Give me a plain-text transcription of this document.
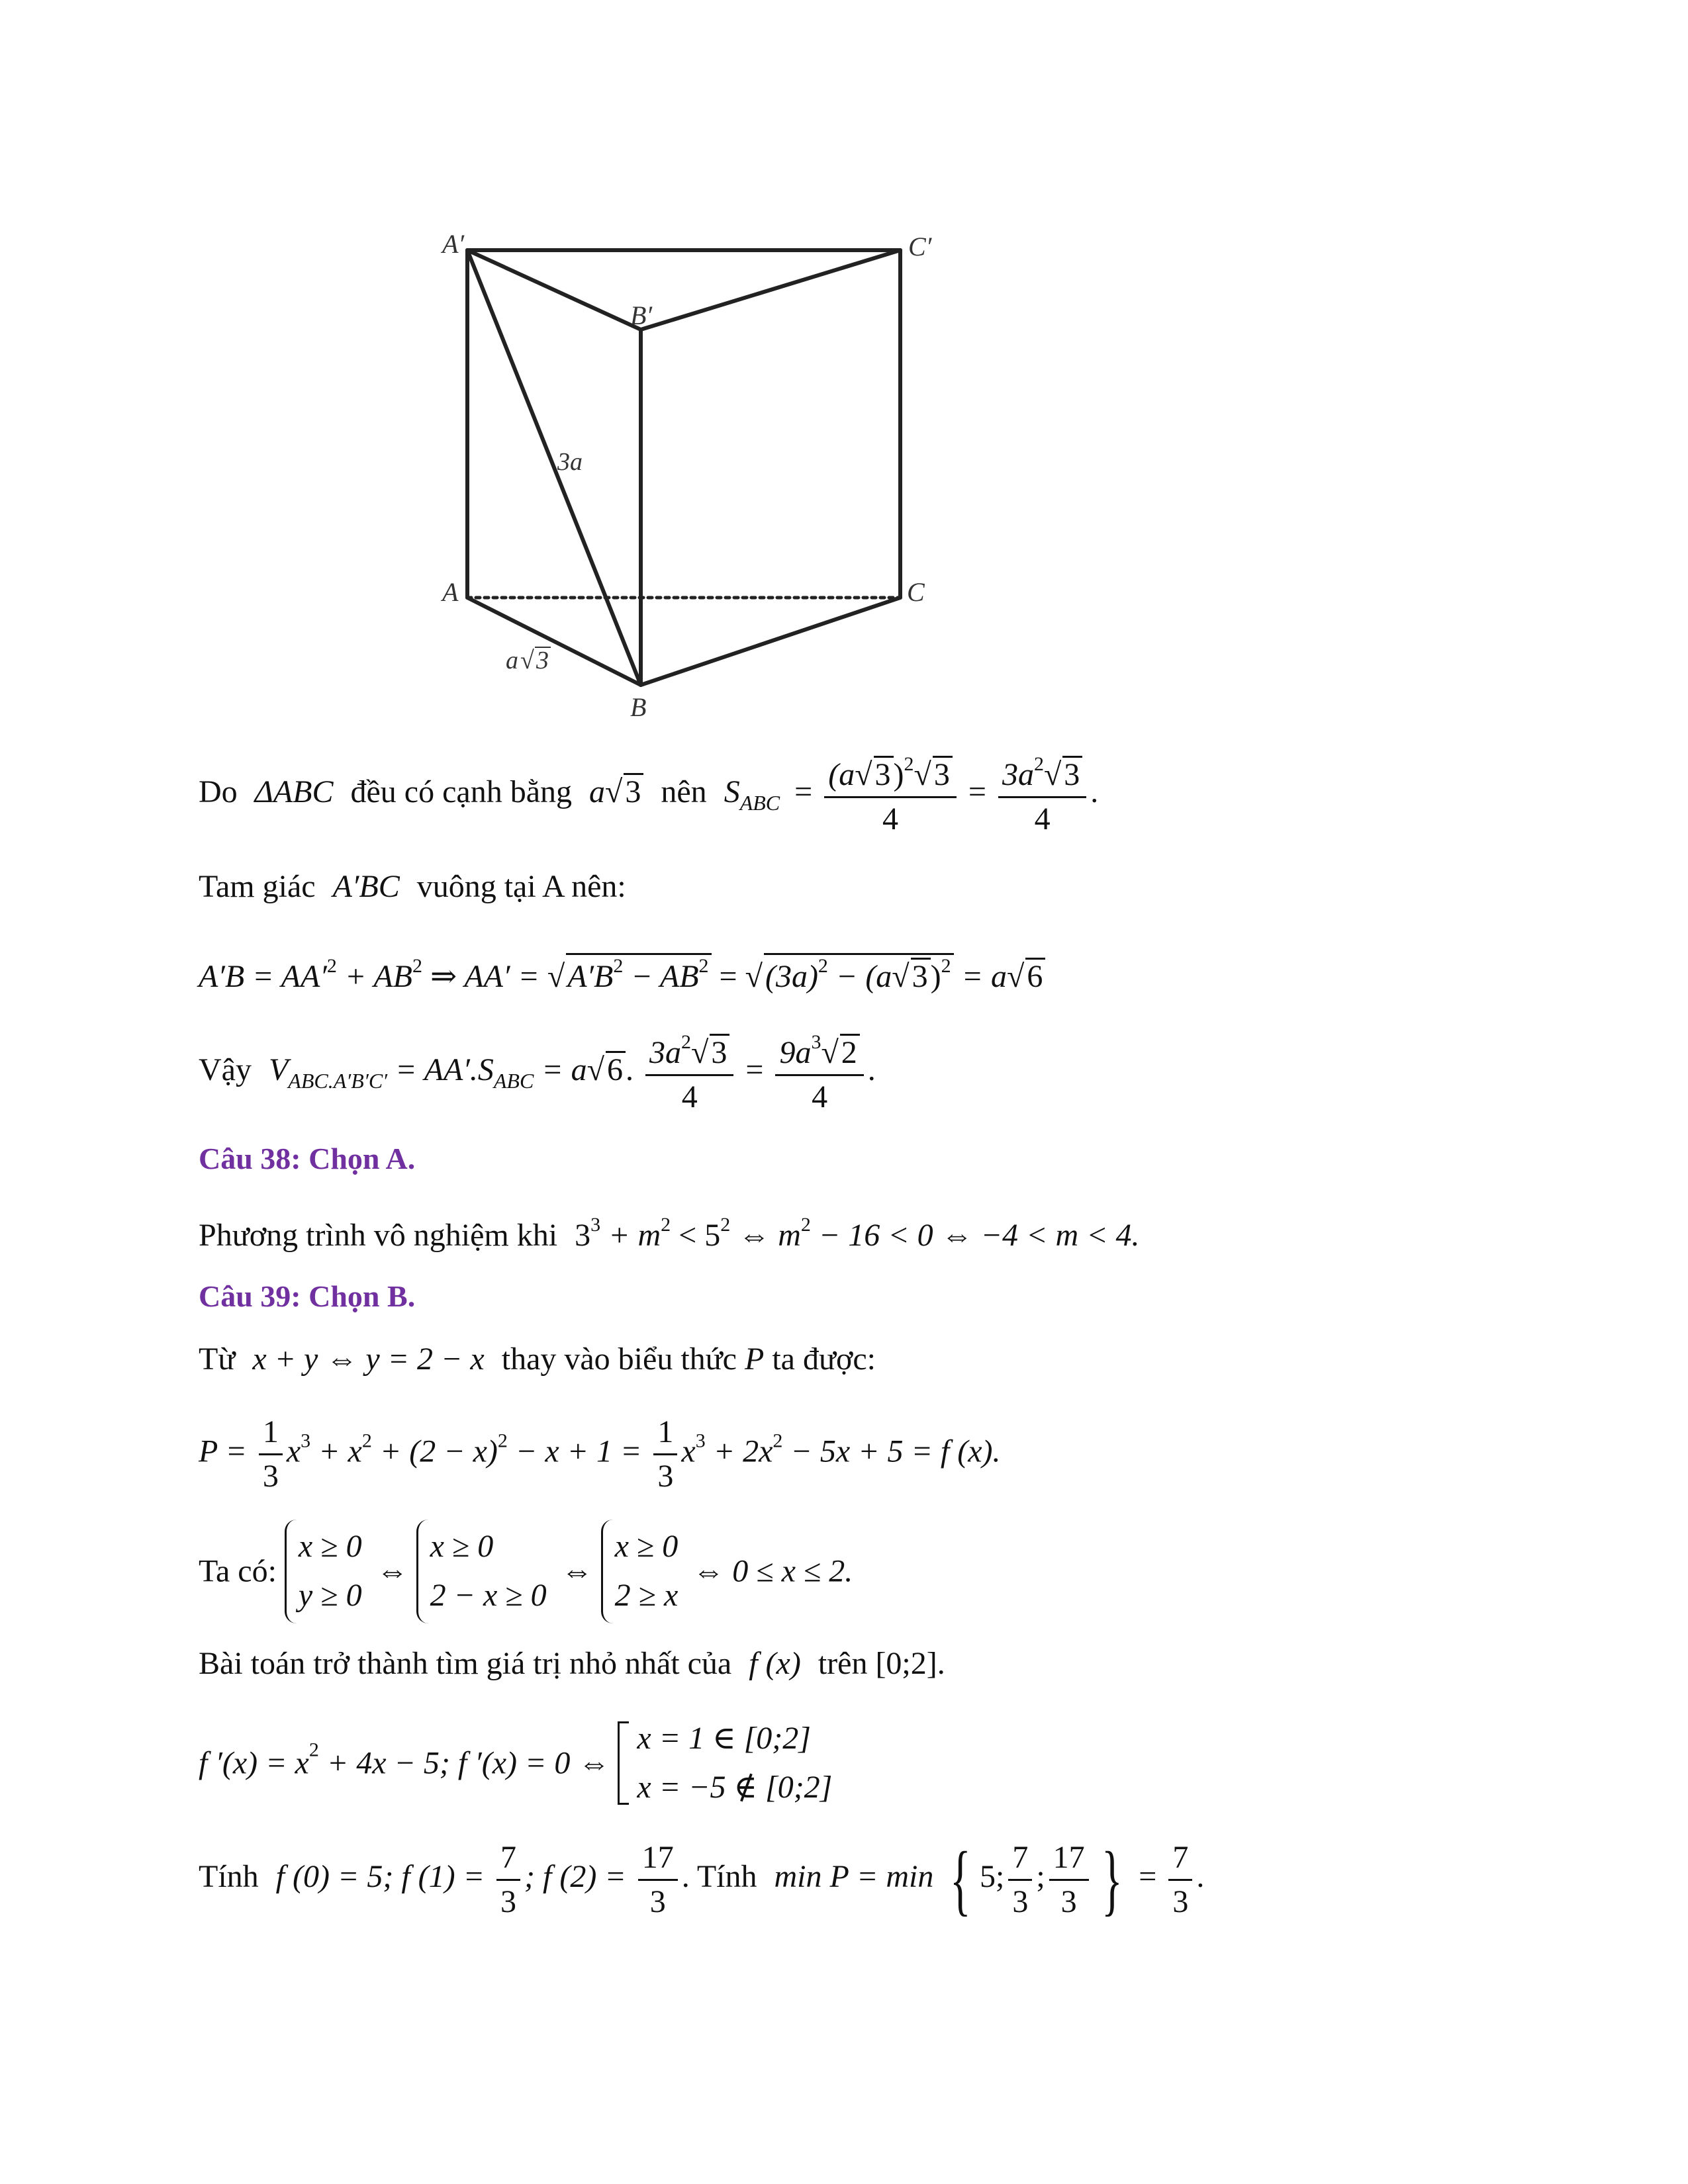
A′	C′
B′
3a
A	C
a √ 3
B
Do ΔABC đều có cạnh bằng a√3 nên $S_{ABC} = \frac{(a√3)^2√3}{4} = \frac{3a^2√3}{4}$ .
Tam giác A′BC vuông tại A nên:
$A'B = AA'^2 + AB^2$ ⇒ $AA' = √A'B^2 - AB^2 = √(3a)^2 - (a√3)^2 = a√6$
Vậy $V_{ABC.A'B'C'} = AA'.S_{ABC} = a√6$. $\frac{3a^2√3}{4} = \frac{9a^3√2}{4}$ .
Câu 38: Chọn A.
Phương trình vô nghiệm khi $3^3 + m^2 < 5^2$ ⇔ $m^2 - 16 < 0$ ⇔ −4 < m < 4.
Câu 39: Chọn B.
Từ x + y ⇔ y = 2 − x thay vào biểu thức P ta được:
$P = \frac{1}{3} x^3 + x^2 + (2 - x)^2 - x + 1 = \frac{1}{3} x^3 + 2x^2 - 5x + 5 = f$ (x).
Ta có: x ≥ 0
y ≥ 0 ⇔ x ≥ 0
2 − x ≥ 0 ⇔ x ≥ 0
2 ≥ x ⇔ 0 ≤ x ≤ 2.
Bài toán trở thành tìm giá trị nhỏ nhất của f (x) trên [0;2].
f $'(x) = x^2 + 4x - 5$; f ′(x) = 0 ⇔ x = 1 ∈ [0;2]
x = −5 ∉ [0;2]
Tính f (0) = 5; f $(1) = \frac{7}{3}$ ; f $(2) = \frac{17}{3}$ . Tính min P = min { 5; $\frac{7}{3}$ ; $\frac{17}{3}$ } = $\frac{7}{3}$ .
